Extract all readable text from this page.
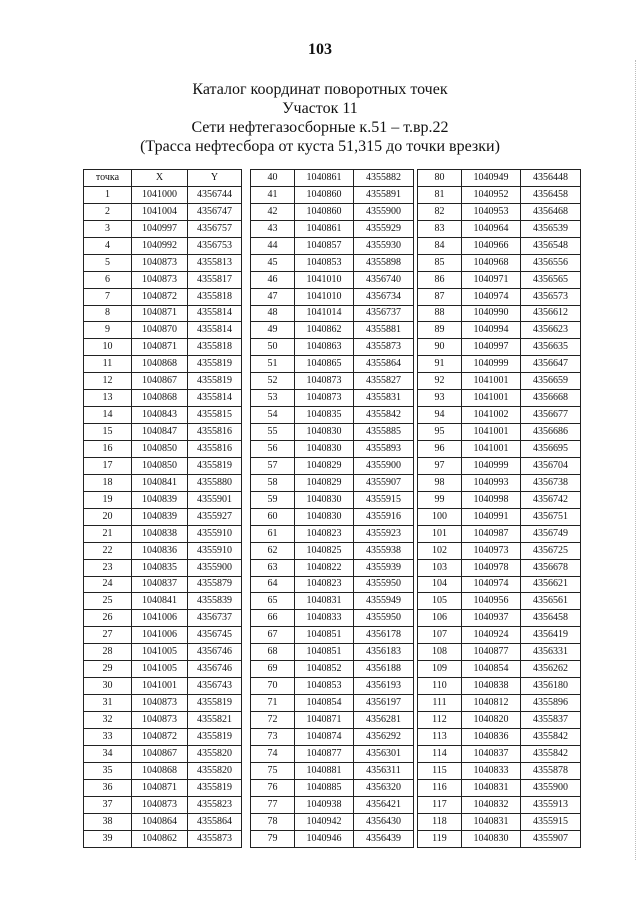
103
Каталог координат поворотных точек
Участок 11
Сети нефтегазосборные к.51 – т.вр.22
(Трасса нефтесбора от куста 51,315 до точки врезки)
точка	X	Y
1	1041000	4356744
2	1041004	4356747
3	1040997	4356757
4	1040992	4356753
5	1040873	4355813
6	1040873	4355817
7	1040872	4355818
8	1040871	4355814
9	1040870	4355814
10	1040871	4355818
11	1040868	4355819
12	1040867	4355819
13	1040868	4355814
14	1040843	4355815
15	1040847	4355816
16	1040850	4355816
17	1040850	4355819
18	1040841	4355880
19	1040839	4355901
20	1040839	4355927
21	1040838	4355910
22	1040836	4355910
23	1040835	4355900
24	1040837	4355879
25	1040841	4355839
26	1041006	4356737
27	1041006	4356745
28	1041005	4356746
29	1041005	4356746
30	1041001	4356743
31	1040873	4355819
32	1040873	4355821
33	1040872	4355819
34	1040867	4355820
35	1040868	4355820
36	1040871	4355819
37	1040873	4355823
38	1040864	4355864
39	1040862	4355873
40	1040861	4355882
41	1040860	4355891
42	1040860	4355900
43	1040861	4355929
44	1040857	4355930
45	1040853	4355898
46	1041010	4356740
47	1041010	4356734
48	1041014	4356737
49	1040862	4355881
50	1040863	4355873
51	1040865	4355864
52	1040873	4355827
53	1040873	4355831
54	1040835	4355842
55	1040830	4355885
56	1040830	4355893
57	1040829	4355900
58	1040829	4355907
59	1040830	4355915
60	1040830	4355916
61	1040823	4355923
62	1040825	4355938
63	1040822	4355939
64	1040823	4355950
65	1040831	4355949
66	1040833	4355950
67	1040851	4356178
68	1040851	4356183
69	1040852	4356188
70	1040853	4356193
71	1040854	4356197
72	1040871	4356281
73	1040874	4356292
74	1040877	4356301
75	1040881	4356311
76	1040885	4356320
77	1040938	4356421
78	1040942	4356430
79	1040946	4356439
80	1040949	4356448
81	1040952	4356458
82	1040953	4356468
83	1040964	4356539
84	1040966	4356548
85	1040968	4356556
86	1040971	4356565
87	1040974	4356573
88	1040990	4356612
89	1040994	4356623
90	1040997	4356635
91	1040999	4356647
92	1041001	4356659
93	1041001	4356668
94	1041002	4356677
95	1041001	4356686
96	1041001	4356695
97	1040999	4356704
98	1040993	4356738
99	1040998	4356742
100	1040991	4356751
101	1040987	4356749
102	1040973	4356725
103	1040978	4356678
104	1040974	4356621
105	1040956	4356561
106	1040937	4356458
107	1040924	4356419
108	1040877	4356331
109	1040854	4356262
110	1040838	4356180
111	1040812	4355896
112	1040820	4355837
113	1040836	4355842
114	1040837	4355842
115	1040833	4355878
116	1040831	4355900
117	1040832	4355913
118	1040831	4355915
119	1040830	4355907
